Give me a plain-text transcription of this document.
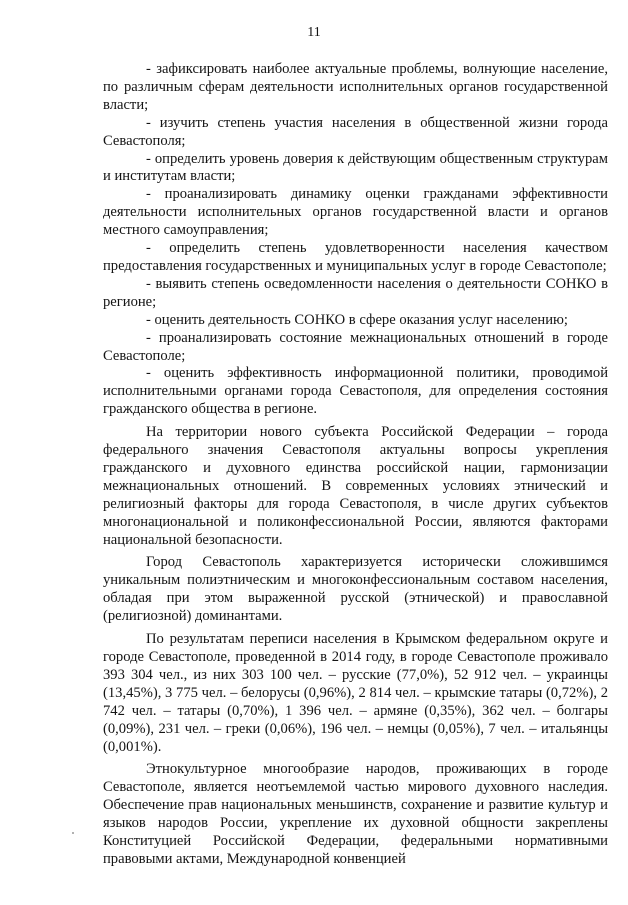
11

- зафиксировать наиболее актуальные проблемы, волнующие население, по различным сферам деятельности исполнительных органов государственной власти;

- изучить степень участия населения в общественной жизни города Севастополя;

- определить уровень доверия к действующим общественным структурам и институтам власти;

- проанализировать динамику оценки гражданами эффективности деятельности исполнительных органов государственной власти и органов местного самоуправления;

- определить степень удовлетворенности населения качеством предоставления государственных и муниципальных услуг в городе Севастополе;

- выявить степень осведомленности населения о деятельности СОНКО в регионе;

- оценить деятельность СОНКО в сфере оказания услуг населению;

- проанализировать состояние межнациональных отношений в городе Севастополе;

- оценить эффективность информационной политики, проводимой исполнительными органами города Севастополя, для определения состояния гражданского общества в регионе.

На территории нового субъекта Российской Федерации – города федерального значения Севастополя актуальны вопросы укрепления гражданского и духовного единства российской нации, гармонизации межнациональных отношений. В современных условиях этнический и религиозный факторы для города Севастополя, в числе других субъектов многонациональной и поликонфессиональной России, являются факторами национальной безопасности.

Город Севастополь характеризуется исторически сложившимся уникальным полиэтническим и многоконфессиональным составом населения, обладая при этом выраженной русской (этнической) и православной (религиозной) доминантами.

По результатам переписи населения в Крымском федеральном округе и городе Севастополе, проведенной в 2014 году, в городе Севастополе проживало 393 304 чел., из них 303 100 чел. – русские (77,0%), 52 912 чел. – украинцы (13,45%), 3 775 чел. – белорусы (0,96%), 2 814 чел. – крымские татары (0,72%), 2 742 чел. – татары (0,70%), 1 396 чел. – армяне (0,35%), 362 чел. – болгары (0,09%), 231 чел. – греки (0,06%), 196 чел. – немцы (0,05%), 7 чел. – итальянцы (0,001%).

Этнокультурное многообразие народов, проживающих в городе Севастополе, является неотъемлемой частью мирового духовного наследия. Обеспечение прав национальных меньшинств, сохранение и развитие культур и языков народов России, укрепление их духовной общности закреплены Конституцией Российской Федерации, федеральными нормативными правовыми актами, Международной конвенцией
